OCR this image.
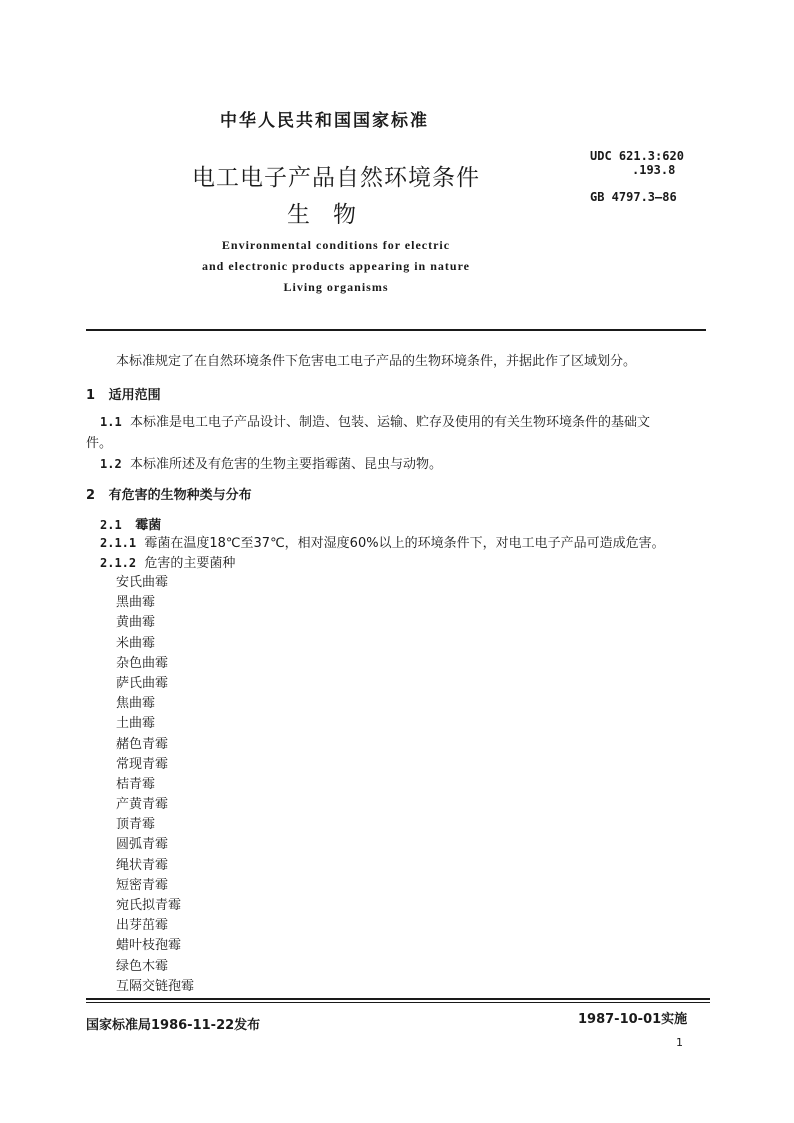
中华人民共和国国家标准
电工电子产品自然环境条件
生　物
UDC 621.3:620
.193.8
GB 4797.3—86
Environmental conditions for electric
and electronic products appearing in nature
Living organisms
本标准规定了在自然环境条件下危害电工电子产品的生物环境条件，并据此作了区域划分。
1 适用范围
1.1 本标准是电工电子产品设计、制造、包装、运输、贮存及使用的有关生物环境条件的基础文
件。
1.2 本标准所述及有危害的生物主要指霉菌、昆虫与动物。
2 有危害的生物种类与分布
2.1 霉菌
2.1.1 霉菌在温度18℃至37℃，相对湿度60%以上的环境条件下，对电工电子产品可造成危害。
2.1.2 危害的主要菌种
安氏曲霉
黑曲霉
黄曲霉
米曲霉
杂色曲霉
萨氏曲霉
焦曲霉
土曲霉
赭色青霉
常现青霉
桔青霉
产黄青霉
顶青霉
圆弧青霉
绳状青霉
短密青霉
宛氏拟青霉
出芽茁霉
蜡叶枝孢霉
绿色木霉
互隔交链孢霉
国家标准局1986-11-22发布	1987-10-01实施
1
